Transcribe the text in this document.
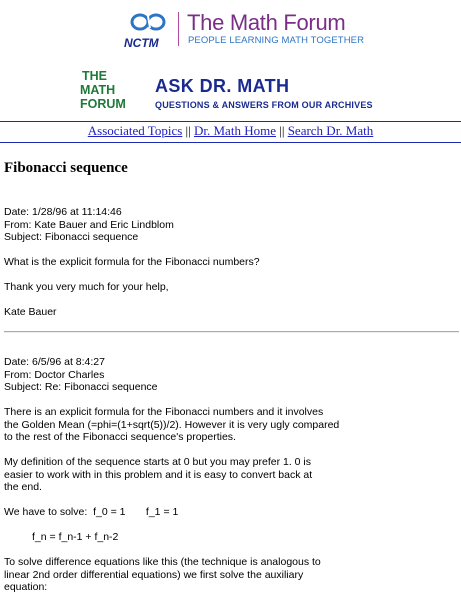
NCTM
The Math Forum
PEOPLE LEARNING MATH TOGETHER
THE
MATH
FORUM
ASK DR. MATH
QUESTIONS & ANSWERS FROM OUR ARCHIVES
Associated Topics || Dr. Math Home || Search Dr. Math
Fibonacci sequence

Date: 1/28/96 at 11:14:46

From: Kate Bauer and Eric Lindblom

Subject: Fibonacci sequence

What is the explicit formula for the Fibonacci numbers?

Thank you very much for your help,

Kate Bauer

Date: 6/5/96 at 8:4:27

From: Doctor Charles

Subject: Re: Fibonacci sequence

There is an explicit formula for the Fibonacci numbers and it involves

the Golden Mean (=phi=(1+sqrt(5))/2). However it is very ugly compared

to the rest of the Fibonacci sequence's properties.

My definition of the sequence starts at 0 but you may prefer 1. 0 is

easier to work with in this problem and it is easy to convert back at

the end.

We have to solve:  f_0 = 1       f_1 = 1

f_n = f_n-1 + f_n-2

To solve difference equations like this (the technique is analogous to

linear 2nd order differential equations) we first solve the auxiliary

equation:
